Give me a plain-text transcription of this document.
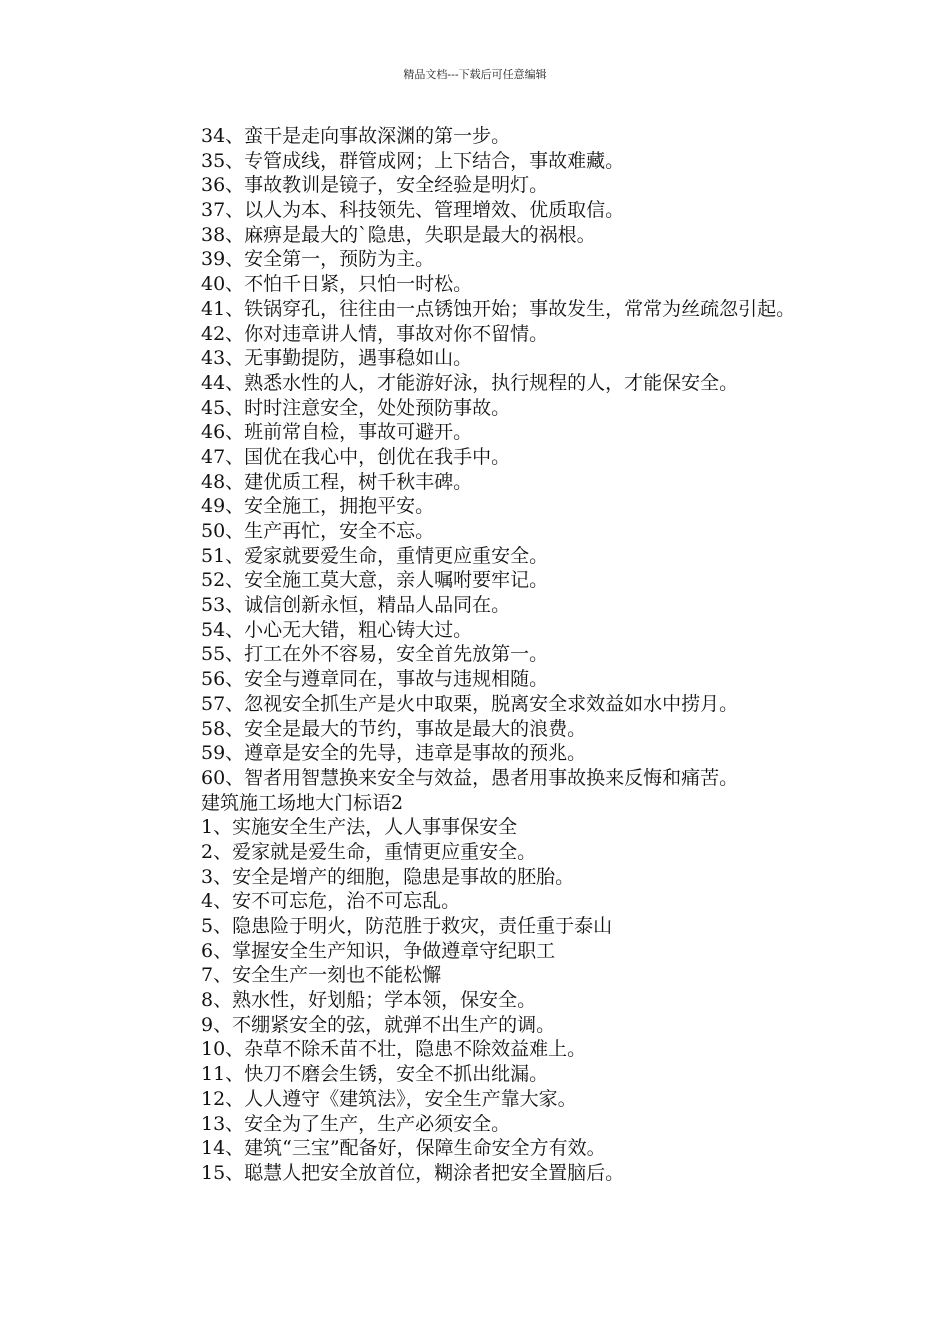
精品文档---下载后可任意编辑
34、蛮干是走向事故深渊的第一步。
35、专管成线，群管成网；上下结合，事故难藏。
36、事故教训是镜子，安全经验是明灯。
37、以人为本、科技领先、管理增效、优质取信。
38、麻痹是最大的`隐患，失职是最大的祸根。
39、安全第一，预防为主。
40、不怕千日紧，只怕一时松。
41、铁锅穿孔，往往由一点锈蚀开始；事故发生，常常为丝疏忽引起。
42、你对违章讲人情，事故对你不留情。
43、无事勤提防，遇事稳如山。
44、熟悉水性的人，才能游好泳，执行规程的人，才能保安全。
45、时时注意安全，处处预防事故。
46、班前常自检，事故可避开。
47、国优在我心中，创优在我手中。
48、建优质工程，树千秋丰碑。
49、安全施工，拥抱平安。
50、生产再忙，安全不忘。
51、爱家就要爱生命，重情更应重安全。
52、安全施工莫大意，亲人嘱咐要牢记。
53、诚信创新永恒，精品人品同在。
54、小心无大错，粗心铸大过。
55、打工在外不容易，安全首先放第一。
56、安全与遵章同在，事故与违规相随。
57、忽视安全抓生产是火中取栗，脱离安全求效益如水中捞月。
58、安全是最大的节约，事故是最大的浪费。
59、遵章是安全的先导，违章是事故的预兆。
60、智者用智慧换来安全与效益，愚者用事故换来反悔和痛苦。
建筑施工场地大门标语2
1、实施安全生产法，人人事事保安全
2、爱家就是爱生命，重情更应重安全。
3、安全是增产的细胞，隐患是事故的胚胎。
4、安不可忘危，治不可忘乱。
5、隐患险于明火，防范胜于救灾，责任重于泰山
6、掌握安全生产知识，争做遵章守纪职工
7、安全生产一刻也不能松懈
8、熟水性，好划船；学本领，保安全。
9、不绷紧安全的弦，就弹不出生产的调。
10、杂草不除禾苗不壮，隐患不除效益难上。
11、快刀不磨会生锈，安全不抓出纰漏。
12、人人遵守《建筑法》，安全生产靠大家。
13、安全为了生产，生产必须安全。
14、建筑“三宝”配备好，保障生命安全方有效。
15、聪慧人把安全放首位，糊涂者把安全置脑后。
